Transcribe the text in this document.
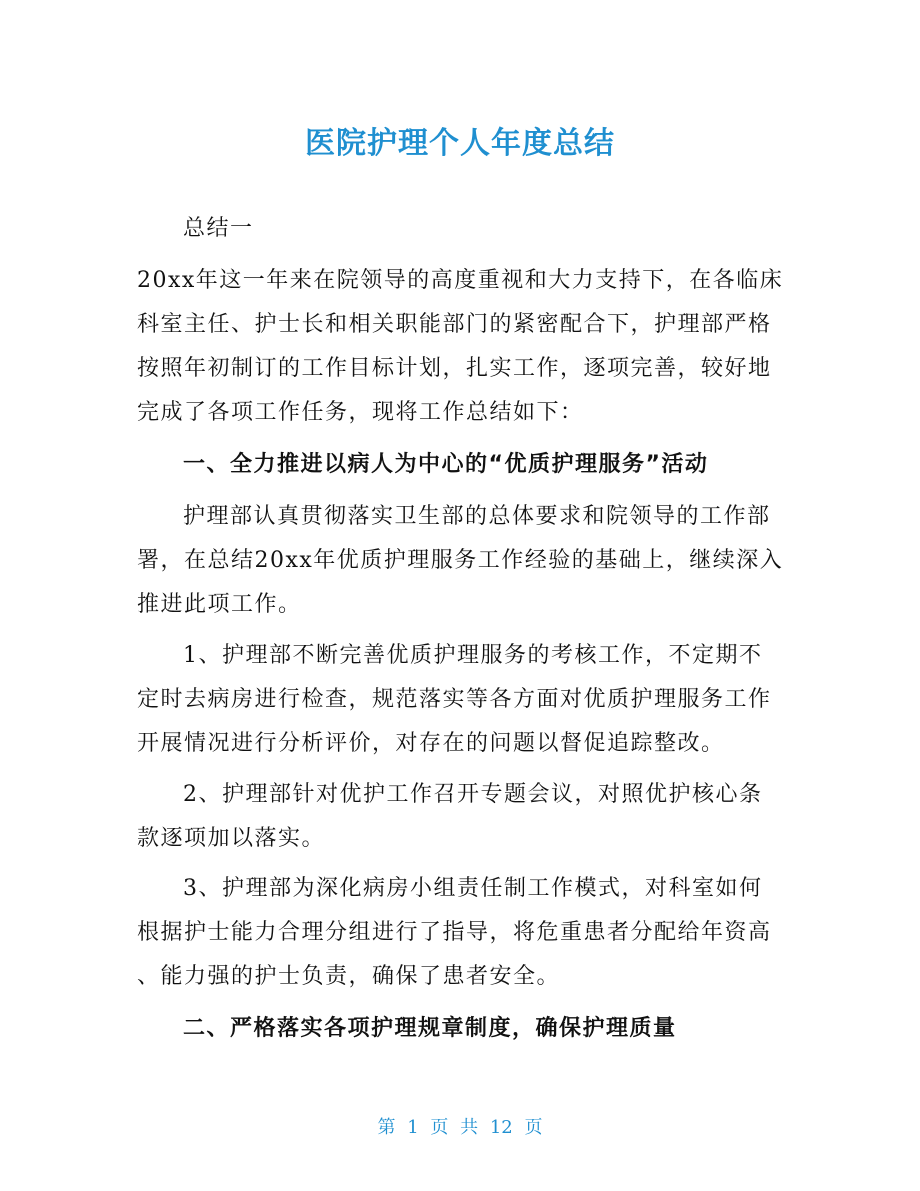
医院护理个人年度总结
总结一
20xx年这一年来在院领导的高度重视和大力支持下，在各临床
科室主任、护士长和相关职能部门的紧密配合下，护理部严格
按照年初制订的工作目标计划，扎实工作，逐项完善，较好地
完成了各项工作任务，现将工作总结如下：
一、全力推进以病人为中心的“优质护理服务”活动
护理部认真贯彻落实卫生部的总体要求和院领导的工作部
署，在总结20xx年优质护理服务工作经验的基础上，继续深入
推进此项工作。
1、护理部不断完善优质护理服务的考核工作，不定期不
定时去病房进行检查，规范落实等各方面对优质护理服务工作
开展情况进行分析评价，对存在的问题以督促追踪整改。
2、护理部针对优护工作召开专题会议，对照优护核心条
款逐项加以落实。
3、护理部为深化病房小组责任制工作模式，对科室如何
根据护士能力合理分组进行了指导，将危重患者分配给年资高
、能力强的护士负责，确保了患者安全。
二、严格落实各项护理规章制度，确保护理质量
第 1 页 共 12 页
